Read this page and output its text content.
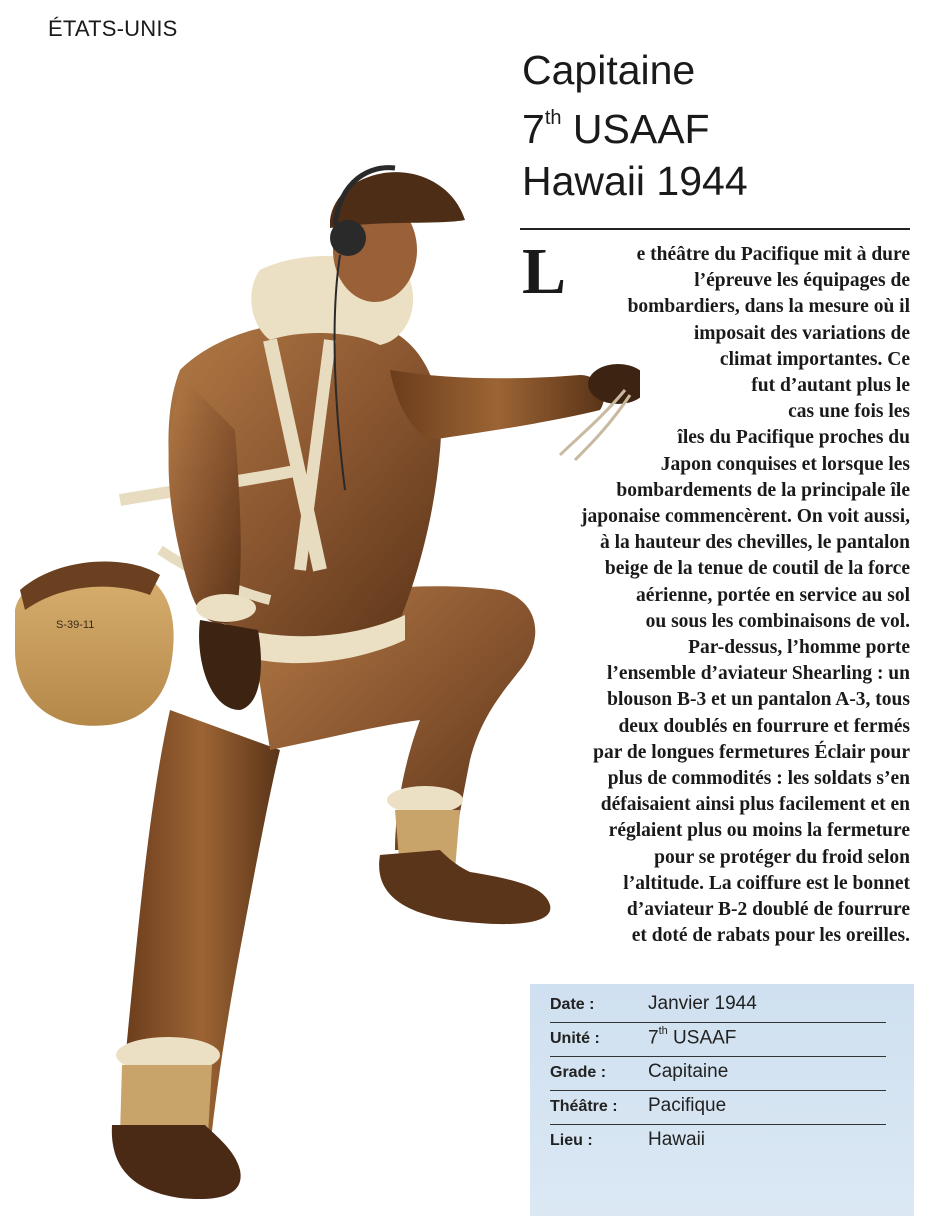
ÉTATS-UNIS
Capitaine
7th USAAF
Hawaii 1944
S-39-11
L	e théâtre du Pacifique mit à dure
l’épreuve les équipages de
bombardiers, dans la mesure où il
imposait des variations de
climat importantes. Ce
fut d’autant plus le
cas une fois les
îles du Pacifique proches du
Japon conquises et lorsque les
bombardements de la principale île
japonaise commencèrent. On voit aussi,
à la hauteur des chevilles, le pantalon
beige de la tenue de coutil de la force
aérienne, portée en service au sol
ou sous les combinaisons de vol.
Par-dessus, l’homme porte
l’ensemble d’aviateur Shearling : un
blouson B-3 et un pantalon A-3, tous
deux doublés en fourrure et fermés
par de longues fermetures Éclair pour
plus de commodités : les soldats s’en
défaisaient ainsi plus facilement et en
réglaient plus ou moins la fermeture
pour se protéger du froid selon
l’altitude. La coiffure est le bonnet
d’aviateur B-2 doublé de fourrure
et doté de rabats pour les oreilles.

Date :	Janvier 1944
Unité :	7th USAAF
Grade : Capitaine
Théâtre : Pacifique
Lieu :	Hawaii
